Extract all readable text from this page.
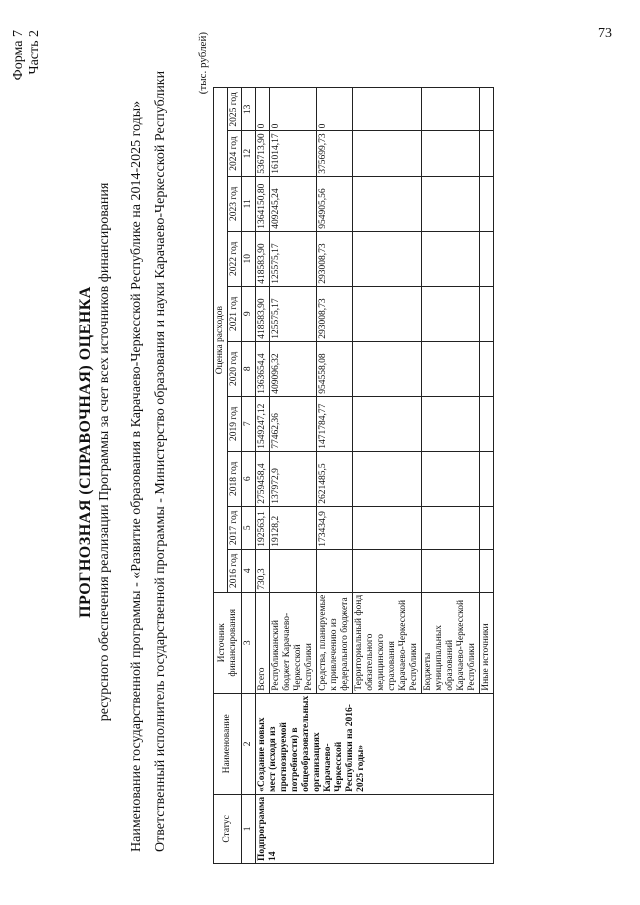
73
Форма 7 Часть 2
ПРОГНОЗНАЯ (СПРАВОЧНАЯ) ОЦЕНКА ресурсного обеспечения реализации Программы за счет всех источников финансирования Наименование государственной программы - «Развитие образования в Карачаево-Черкесской Республике на 2014-2025 годы» Ответственный исполнитель государственной программы - Министерство образования и науки Карачаево-Черкесской Республики
(тыс. рублей)
Статус	Наименование	Источник финансирования	Оценка расходов									
			2016 год	2017 год	2018 год	2019 год	2020 год	2021 год	2022 год	2023 год	2024 год	2025 год
1	2	3	4	5	6	7	8	9	10	11	12	13
Подпрограмма 14	«Создание новых мест (исходя из прогнозируемой потребности) в общеобразовательных организациях Карачаево-Черкесской Республики на 2016-2025 годы»	Всего	730,3	192563,1	2759458,4	1549247,12	1363654,4	418583,90	418583,90	1364150,80	536713,90	0
		Республиканский бюджет Карачаево-Черкесской Республики		19128,2	137972,9	77462,36	409096,32	125575,17	125575,17	409245,24	161014,17	0
		Средства, планируемые к привлечению из федерального бюджета		173434,9	2621485,5	1471784,77	954558,08	293008,73	293008,73	954905,56	375699,73	0
		Территориальный фонд обязательного медицинского страхования Карачаево-Черкесской Республики										
		Бюджеты муниципальных образований Карачаево-Черкесской Республики										
		Иные источники										
